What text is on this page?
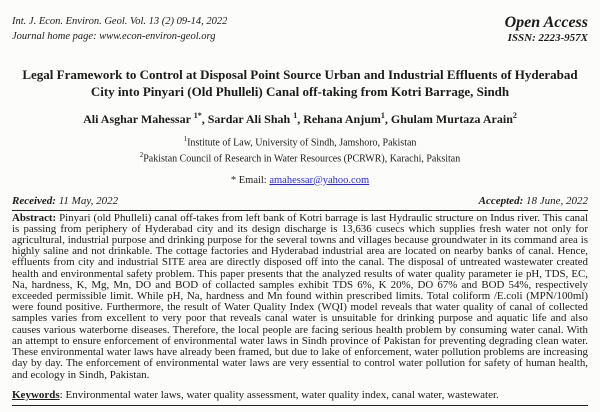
Int. J. Econ. Environ. Geol. Vol. 13 (2) 09-14, 2022
Journal home page: www.econ-environ-geol.org
Open Access
ISSN: 2223-957X
Legal Framework to Control at Disposal Point Source Urban and Industrial Effluents of Hyderabad City into Pinyari (Old Phulleli) Canal off-taking from Kotri Barrage, Sindh
Ali Asghar Mahessar $^{1*}$, Sardar Ali Shah $^1$, Rehana Anjum$^1$, Ghulam Murtaza Arain$^2$
$^1$Institute of Law, University of Sindh, Jamshoro, Pakistan
$^2$Pakistan Council of Research in Water Resources (PCRWR), Karachi, Paksitan
* Email: amahessar@yahoo.com
Received: 11 May, 2022	Accepted: 18 June, 2022

Abstract: Pinyari (old Phulleli) canal off-takes from left bank of Kotri barrage is last Hydraulic structure on Indus river. This canal is passing from periphery of Hyderabad city and its design discharge is 13,636 cusecs which supplies fresh water not only for agricultural, industrial purpose and drinking purpose for the several towns and villages because groundwater in its command area is highly saline and not drinkable. The cottage factories and Hyderabad industrial area are located on nearby banks of canal. Hence, effluents from city and industrial SITE area are directly disposed off into the canal. The disposal of untreated wastewater created health and environmental safety problem. This paper presents that the analyzed results of water quality parameter ie pH, TDS, EC, Na, hardness, K, Mg, Mn, DO and BOD of collacted samples exhibit TDS 6%, K 20%, DO 67% and BOD 54%, respectively exceeded permissible limit. While pH, Na, hardness and Mn found within prescribed limits. Total coliform /E.coli (MPN/100ml) were found positive. Furthermore, the result of Water Quality Index (WQI) model reveals that water quality of canal of collected samples varies from excellent to very poor that reveals canal water is unsuitable for drinking purpose and aquatic life and also causes various waterborne diseases. Therefore, the local people are facing serious health problem by consuming water canal. With an attempt to ensure enforcement of environmental water laws in Sindh province of Pakistan for preventing degrading clean water. These environmental water laws have already been framed, but due to lake of enforcement, water pollution problems are increasing day by day. The enforcement of environmental water laws are very essential to control water pollution for safety of human health, and ecology in Sindh, Pakistan.

Keywords: Environmental water laws, water quality assessment, water quality index, canal water, wastewater.
